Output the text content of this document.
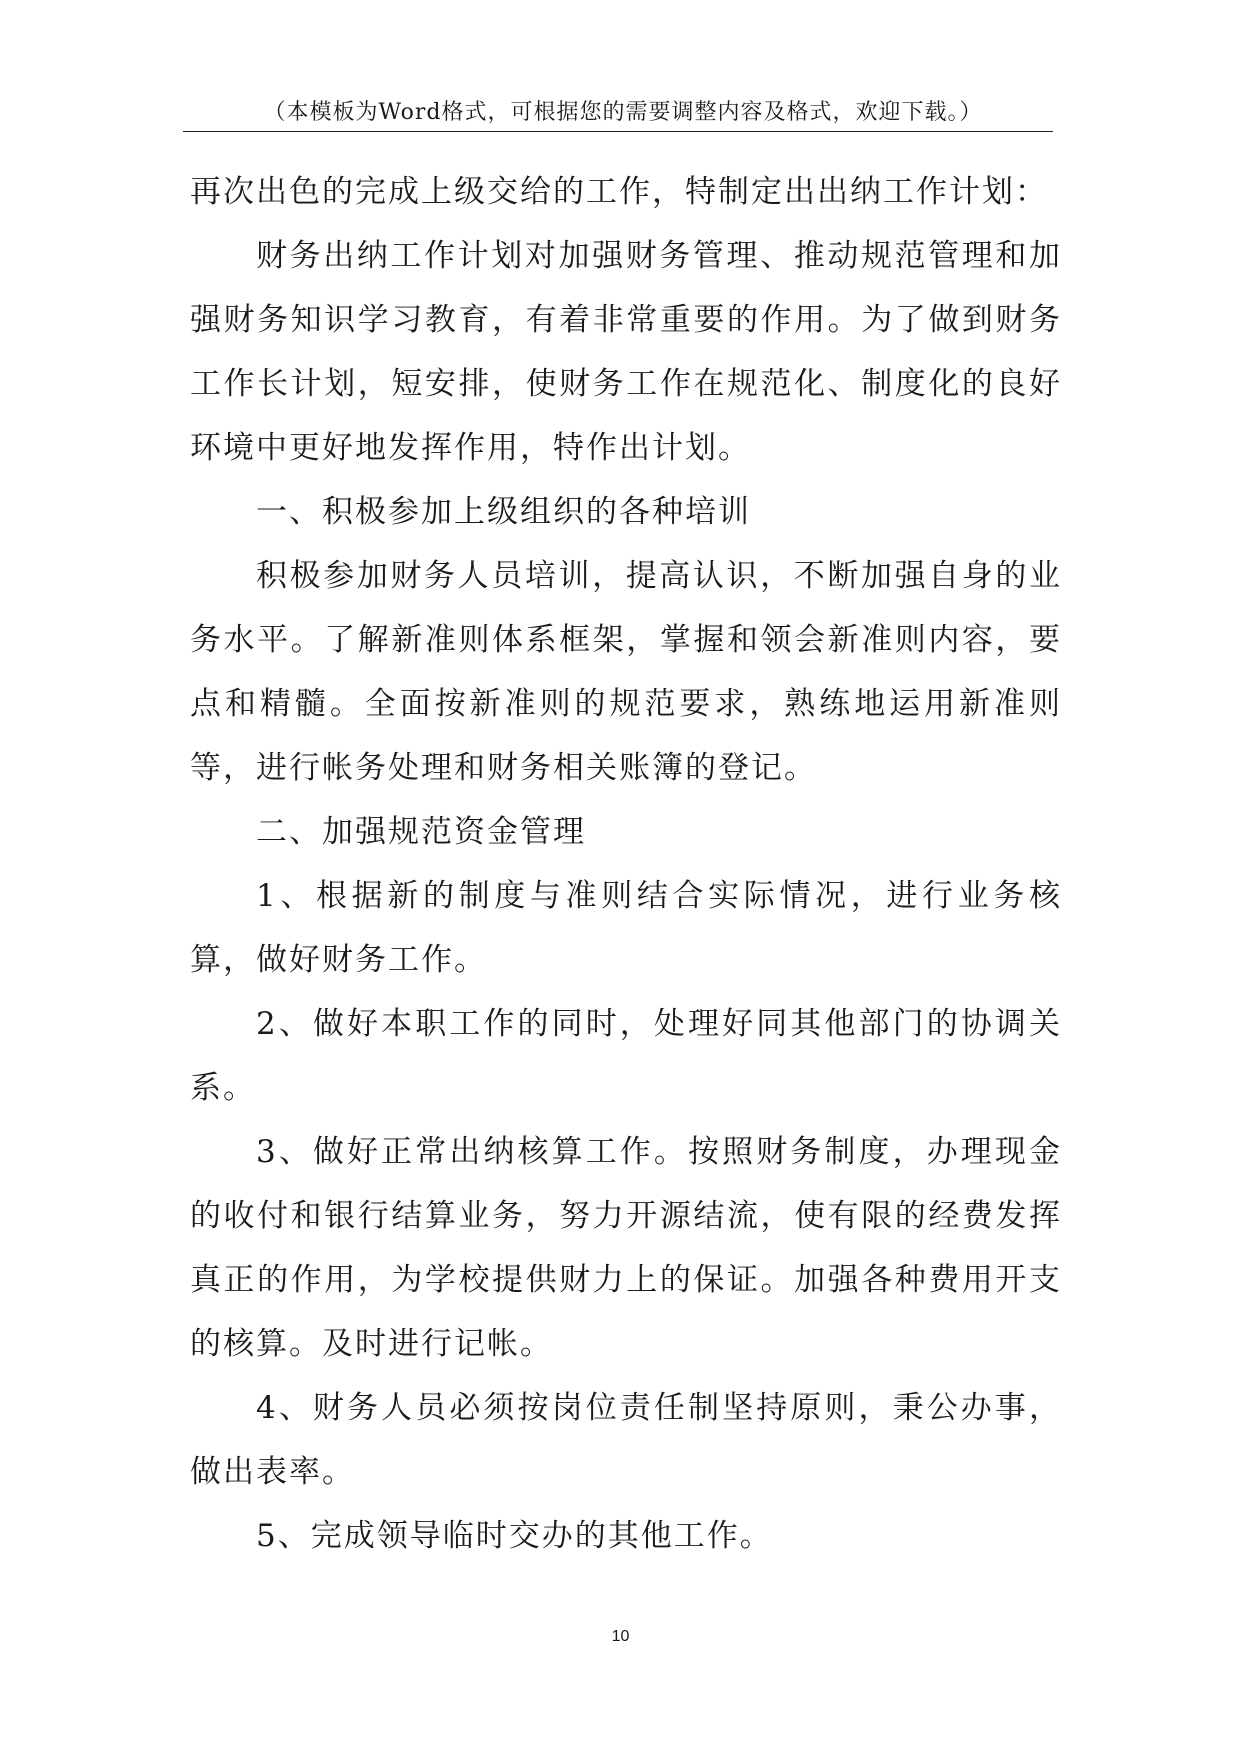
（本模板为Word格式，可根据您的需要调整内容及格式，欢迎下载。）

再次出色的完成上级交给的工作，特制定出出纳工作计划：

财务出纳工作计划对加强财务管理、推动规范管理和加强财务知识学习教育，有着非常重要的作用。为了做到财务工作长计划，短安排，使财务工作在规范化、制度化的良好环境中更好地发挥作用，特作出计划。

一、积极参加上级组织的各种培训

积极参加财务人员培训，提高认识，不断加强自身的业务水平。了解新准则体系框架，掌握和领会新准则内容，要点和精髓。全面按新准则的规范要求，熟练地运用新准则等，进行帐务处理和财务相关账簿的登记。

二、加强规范资金管理

1、根据新的制度与准则结合实际情况，进行业务核算，做好财务工作。

2、做好本职工作的同时，处理好同其他部门的协调关系。

3、做好正常出纳核算工作。按照财务制度，办理现金的收付和银行结算业务，努力开源结流，使有限的经费发挥真正的作用，为学校提供财力上的保证。加强各种费用开支的核算。及时进行记帐。

4、财务人员必须按岗位责任制坚持原则，秉公办事，做出表率。

5、完成领导临时交办的其他工作。

10
